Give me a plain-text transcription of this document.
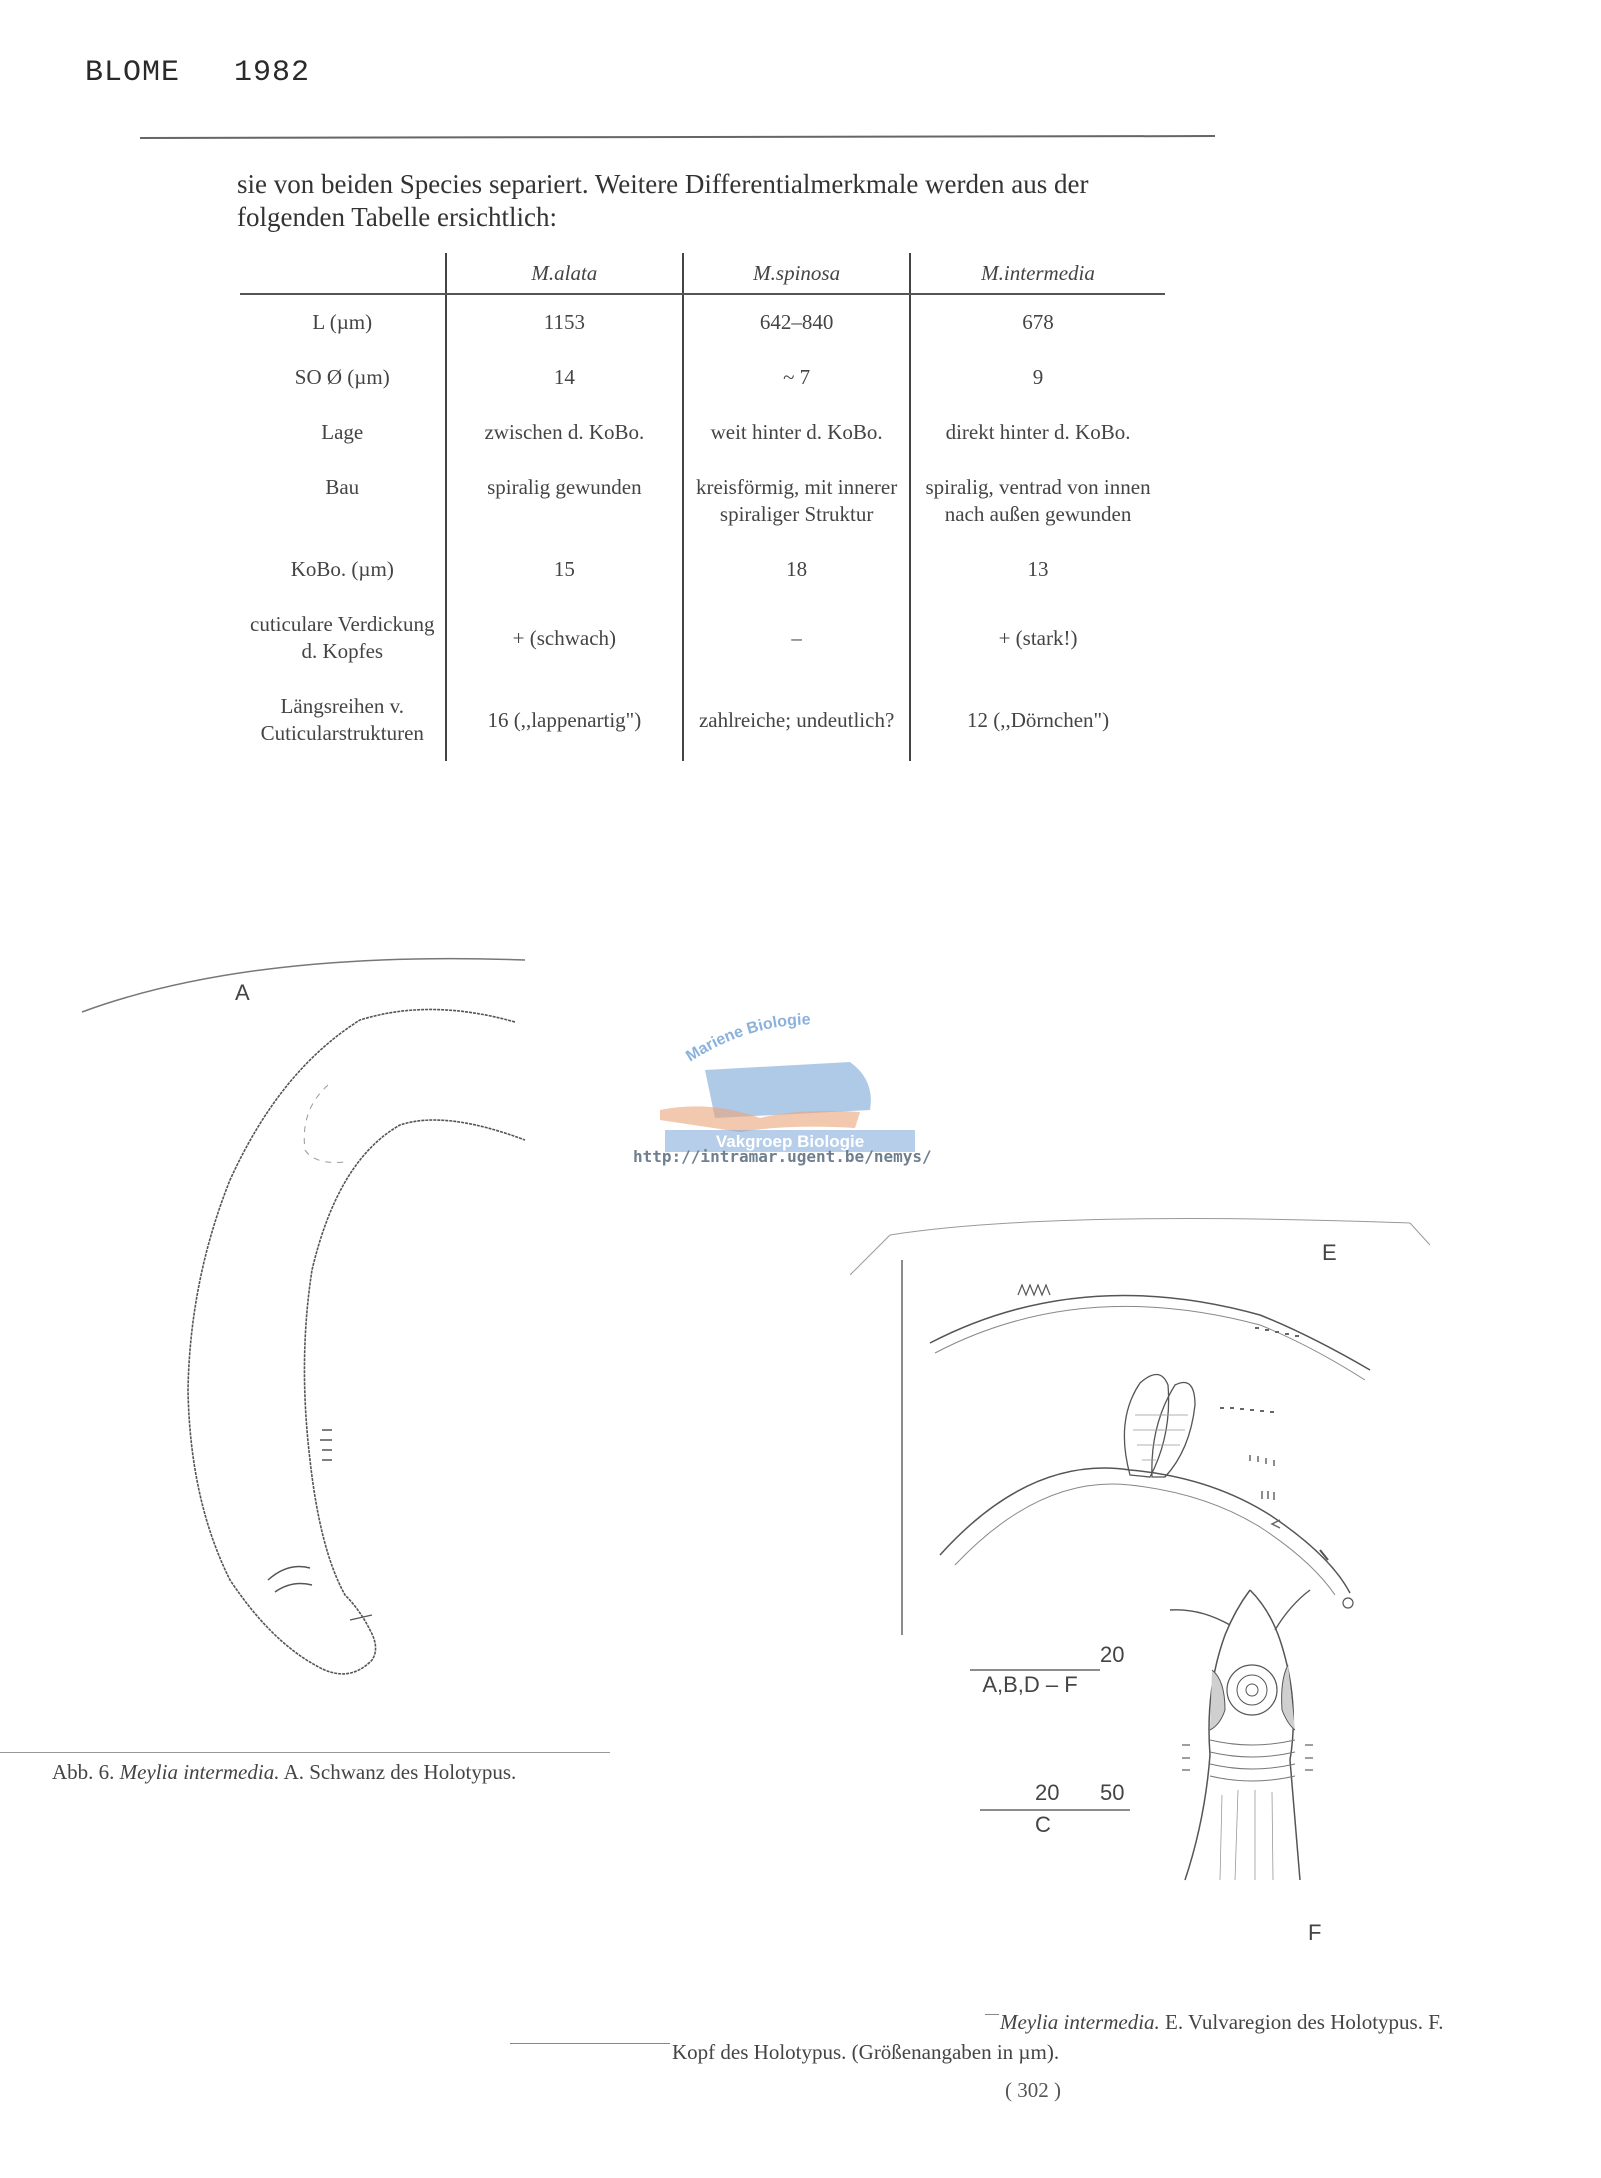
BLOME 1982
sie von beiden Species separiert. Weitere Differentialmerkmale werden aus der folgenden Tabelle ersichtlich:
	M.alata	M.spinosa	M.intermedia
L (µm)	1153	642–840	678
SO Ø (µm)	14	~ 7	9
Lage	zwischen d. KoBo.	weit hinter d. KoBo.	direkt hinter d. KoBo.
Bau	spiralig gewunden	kreisförmig, mit innerer spiraliger Struktur	spiralig, ventrad von innen nach außen gewunden
KoBo. (µm)	15	18	13
cuticulare Verdickung d. Kopfes	+ (schwach)	–	+ (stark!)
Längsreihen v. Cuticularstrukturen	16 (,,lappenartig")	zahlreiche; undeutlich?	12 (,,Dörnchen")
A
Mariene Biologie
Vakgroep Biologie
http://intramar.ugent.be/nemys/
E
20
A,B,D – F
20 50
C
F
Abb. 6. Meylia intermedia. A. Schwanz des Holotypus.
Meylia intermedia. E. Vulvaregion des Holotypus. F.
Kopf des Holotypus. (Größenangaben in µm).
( 302 )
